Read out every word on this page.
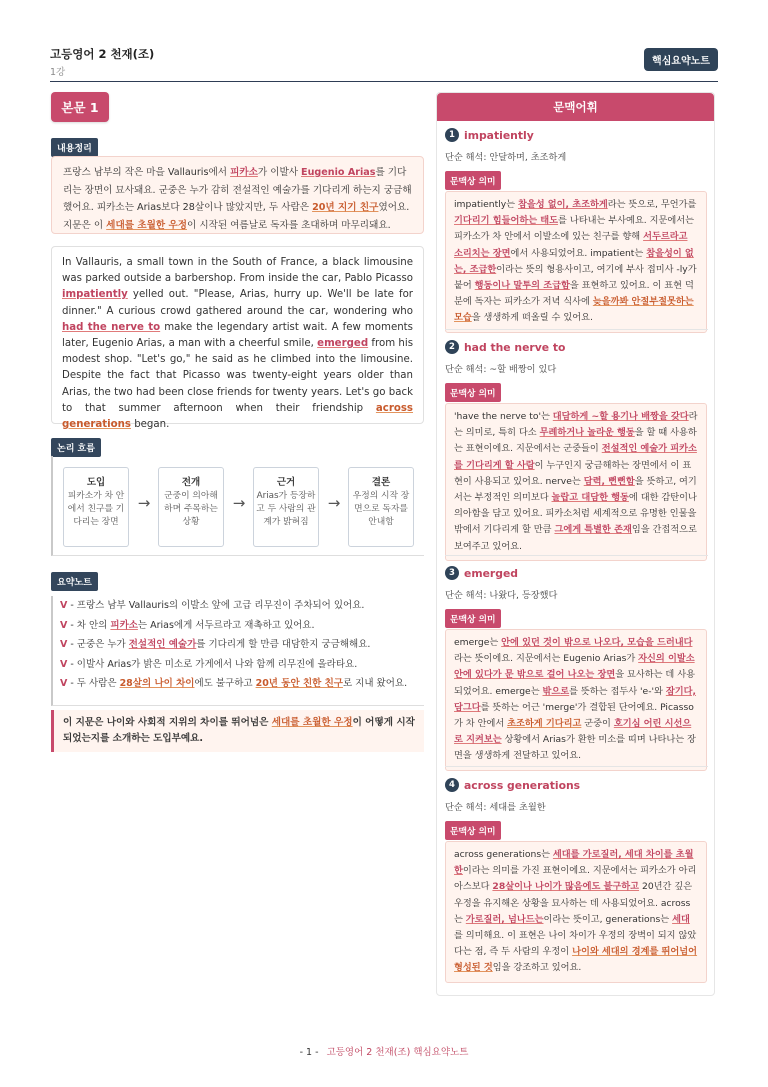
고등영어 2 천재(조)
1강
핵심요약노트
본문 1
내용정리
프랑스 남부의 작은 마을 Vallauris에서 피카소가 이발사 Eugenio Arias를 기다리는 장면이 묘사돼요. 군중은 누가 감히 전설적인 예술가를 기다리게 하는지 궁금해했어요. 피카소는 Arias보다 28살이나 많았지만, 두 사람은 20년 지기 친구였어요. 지문은 이 세대를 초월한 우정이 시작된 여름날로 독자를 초대하며 마무리돼요.
In Vallauris, a small town in the South of France, a black limousine was parked outside a barbershop. From inside the car, Pablo Picasso impatiently yelled out. "Please, Arias, hurry up. We'll be late for dinner." A curious crowd gathered around the car, wondering who had the nerve to make the legendary artist wait. A few moments later, Eugenio Arias, a man with a cheerful smile, emerged from his modest shop. "Let's go," he said as he climbed into the limousine. Despite the fact that Picasso was twenty-eight years older than Arias, the two had been close friends for twenty years. Let's go back to that summer afternoon when their friendship across generations began.
논리 흐름
도입
피카소가 차 안에서 친구를 기다리는 장면
→
전개
군중이 의아해하며 주목하는 상황
→
근거
Arias가 등장하고 두 사람의 관계가 밝혀짐
→
결론
우정의 시작 장면으로 독자를 안내함
요약노트
V - 프랑스 남부 Vallauris의 이발소 앞에 고급 리무진이 주차되어 있어요.
V - 차 안의 피카소는 Arias에게 서두르라고 재촉하고 있어요.
V - 군중은 누가 전설적인 예술가를 기다리게 할 만큼 대담한지 궁금해해요.
V - 이발사 Arias가 밝은 미소로 가게에서 나와 함께 리무진에 올라타요.
V - 두 사람은 28살의 나이 차이에도 불구하고 20년 동안 친한 친구로 지내 왔어요.
이 지문은 나이와 사회적 지위의 차이를 뛰어넘은 세대를 초월한 우정이 어떻게 시작되었는지를 소개하는 도입부예요.
문맥어휘
1 impatiently
단순 해석: 안달하며, 초조하게
문맥상 의미
impatiently는 참을성 없이, 초조하게라는 뜻으로, 무언가를 기다리기 힘들어하는 태도를 나타내는 부사예요. 지문에서는 피카소가 차 안에서 이발소에 있는 친구를 향해 서두르라고 소리치는 장면에서 사용되었어요. impatient는 참을성이 없는, 조급한이라는 뜻의 형용사이고, 여기에 부사 접미사 -ly가 붙어 행동이나 말투의 조급함을 표현하고 있어요. 이 표현 덕분에 독자는 피카소가 저녁 식사에 늦을까봐 안절부절못하는 모습을 생생하게 떠올릴 수 있어요.
2 had the nerve to
단순 해석: ~할 배짱이 있다
문맥상 의미
'have the nerve to'는 대담하게 ~할 용기나 배짱을 갖다라는 의미로, 특히 다소 무례하거나 놀라운 행동을 할 때 사용하는 표현이에요. 지문에서는 군중들이 전설적인 예술가 피카소를 기다리게 할 사람이 누구인지 궁금해하는 장면에서 이 표현이 사용되고 있어요. nerve는 담력, 뻔뻔함을 뜻하고, 여기서는 부정적인 의미보다 놀랍고 대담한 행동에 대한 감탄이나 의아함을 담고 있어요. 피카소처럼 세계적으로 유명한 인물을 밖에서 기다리게 할 만큼 그에게 특별한 존재임을 간접적으로 보여주고 있어요.
3 emerged
단순 해석: 나왔다, 등장했다
문맥상 의미
emerge는 안에 있던 것이 밖으로 나오다, 모습을 드러내다라는 뜻이에요. 지문에서는 Eugenio Arias가 자신의 이발소 안에 있다가 문 밖으로 걸어 나오는 장면을 묘사하는 데 사용되었어요. emerge는 밖으로를 뜻하는 접두사 'e-'와 잠기다, 담그다를 뜻하는 어근 'merge'가 결합된 단어예요. Picasso가 차 안에서 초조하게 기다리고 군중이 호기심 어린 시선으로 지켜보는 상황에서 Arias가 환한 미소를 띠며 나타나는 장면을 생생하게 전달하고 있어요.
4 across generations
단순 해석: 세대를 초월한
문맥상 의미
across generations는 세대를 가로질러, 세대 차이를 초월한이라는 의미를 가진 표현이에요. 지문에서는 피카소가 아리아스보다 28살이나 나이가 많음에도 불구하고 20년간 깊은 우정을 유지해온 상황을 묘사하는 데 사용되었어요. across는 가로질러, 넘나드는이라는 뜻이고, generations는 세대를 의미해요. 이 표현은 나이 차이가 우정의 장벽이 되지 않았다는 점, 즉 두 사람의 우정이 나이와 세대의 경계를 뛰어넘어 형성된 것임을 강조하고 있어요.
- 1 - 고등영어 2 천재(조) 핵심요약노트
